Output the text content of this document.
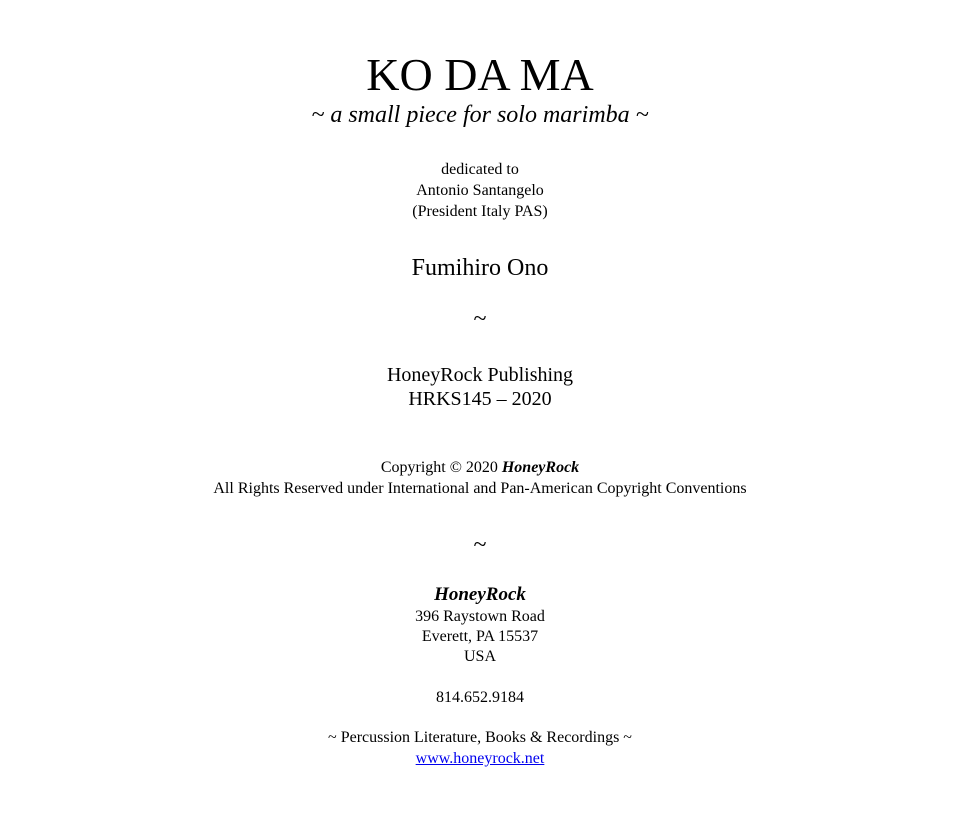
KO DA MA
~ a small piece for solo marimba ~
dedicated to
Antonio Santangelo
(President Italy PAS)
Fumihiro Ono
~
HoneyRock Publishing
HRKS145 – 2020
Copyright © 2020 HoneyRock
All Rights Reserved under International and Pan-American Copyright Conventions
~
HoneyRock
396 Raystown Road
Everett, PA 15537
USA
814.652.9184
~ Percussion Literature, Books & Recordings ~
www.honeyrock.net
